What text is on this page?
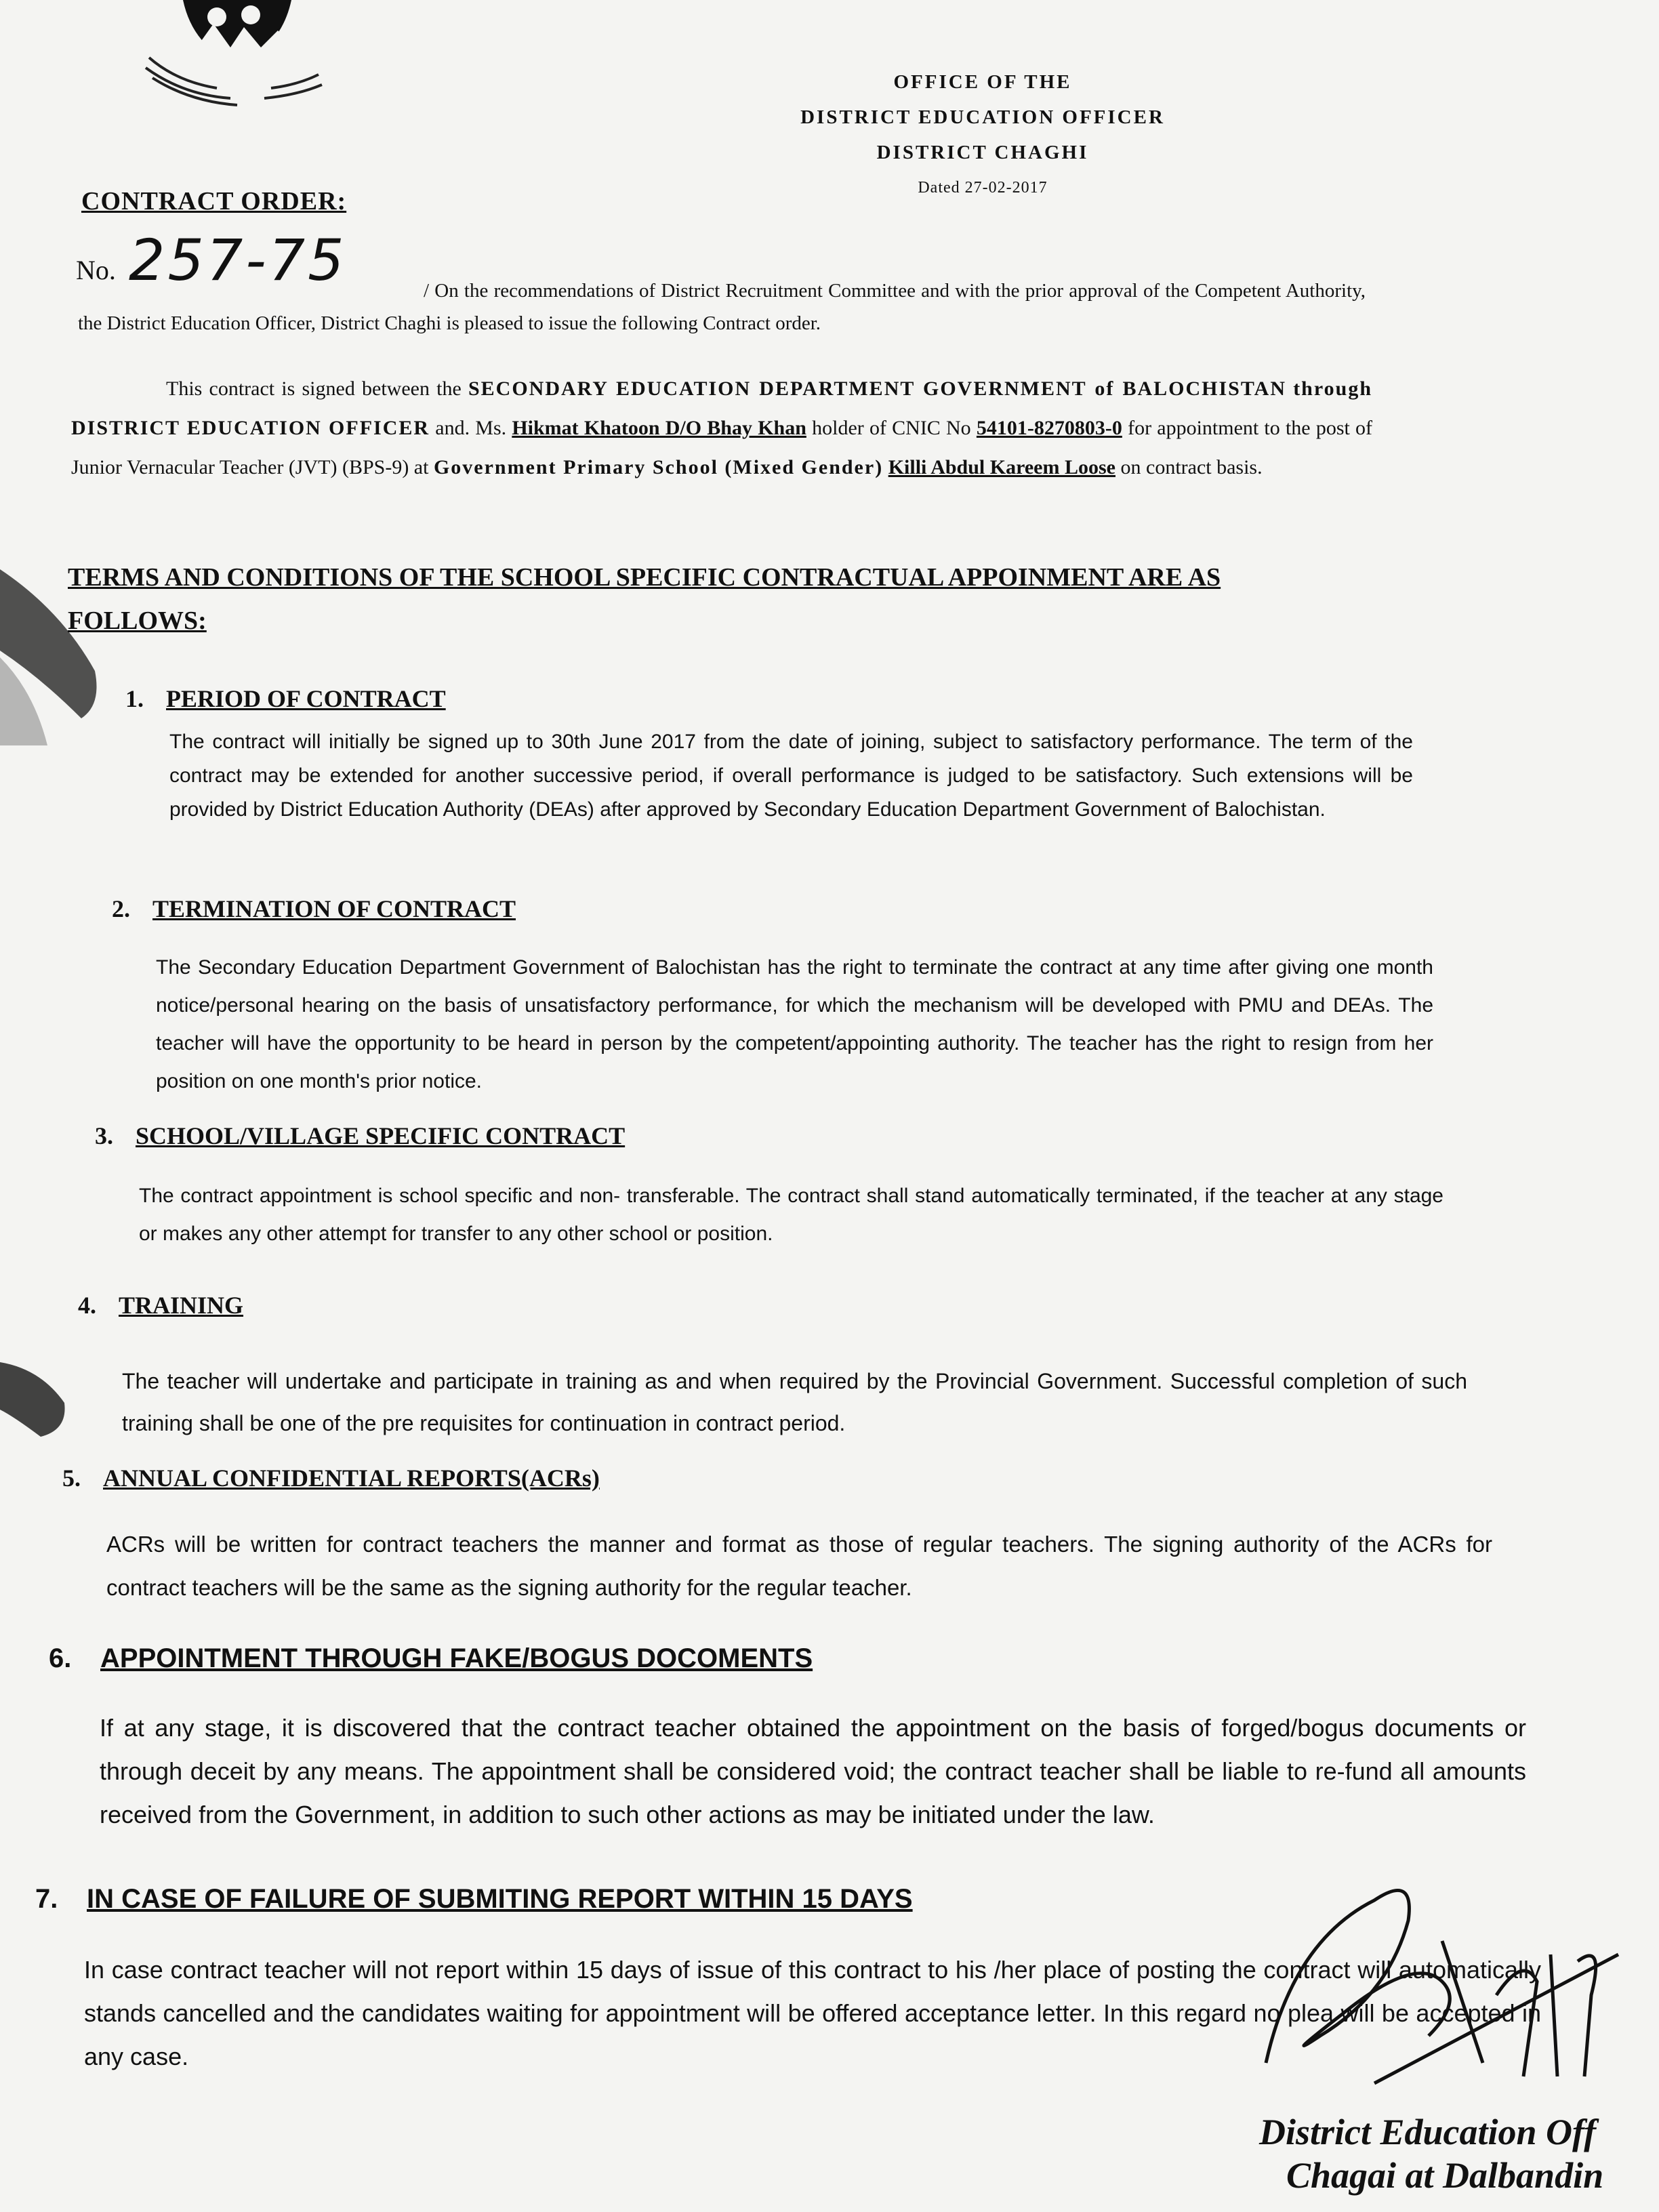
OFFICE OF THE
DISTRICT EDUCATION OFFICER
DISTRICT CHAGHI
Dated 27-02-2017
CONTRACT ORDER:
No. 257-75	/ On the recommendations of District Recruitment Committee and with the prior approval of the Competent Authority, the District Education Officer, District Chaghi is pleased to issue the following Contract order.
This contract is signed between the SECONDARY EDUCATION DEPARTMENT GOVERNMENT of BALOCHISTAN through DISTRICT EDUCATION OFFICER and. Ms. Hikmat Khatoon D/O Bhay Khan holder of CNIC No 54101-8270803-0 for appointment to the post of Junior Vernacular Teacher (JVT) (BPS-9) at Government Primary School (Mixed Gender) Killi Abdul Kareem Loose on contract basis.
TERMS AND CONDITIONS OF THE SCHOOL SPECIFIC CONTRACTUAL APPOINMENT ARE AS FOLLOWS:
1. PERIOD OF CONTRACT
The contract will initially be signed up to 30th June 2017 from the date of joining, subject to satisfactory performance. The term of the contract may be extended for another successive period, if overall performance is judged to be satisfactory. Such extensions will be provided by District Education Authority (DEAs) after approved by Secondary Education Department Government of Balochistan.
2. TERMINATION OF CONTRACT
The Secondary Education Department Government of Balochistan has the right to terminate the contract at any time after giving one month notice/personal hearing on the basis of unsatisfactory performance, for which the mechanism will be developed with PMU and DEAs. The teacher will have the opportunity to be heard in person by the competent/appointing authority. The teacher has the right to resign from her position on one month's prior notice.
3. SCHOOL/VILLAGE SPECIFIC CONTRACT
The contract appointment is school specific and non- transferable. The contract shall stand automatically terminated, if the teacher at any stage or makes any other attempt for transfer to any other school or position.
4. TRAINING
The teacher will undertake and participate in training as and when required by the Provincial Government. Successful completion of such training shall be one of the pre requisites for continuation in contract period.
5. ANNUAL CONFIDENTIAL REPORTS(ACRs)
ACRs will be written for contract teachers the manner and format as those of regular teachers. The signing authority of the ACRs for contract teachers will be the same as the signing authority for the regular teacher.
6. APPOINTMENT THROUGH FAKE/BOGUS DOCOMENTS
If at any stage, it is discovered that the contract teacher obtained the appointment on the basis of forged/bogus documents or through deceit by any means. The appointment shall be considered void; the contract teacher shall be liable to re-fund all amounts received from the Government, in addition to such other actions as may be initiated under the law.
7. IN CASE OF FAILURE OF SUBMITING REPORT WITHIN 15 DAYS
In case contract teacher will not report within 15 days of issue of this contract to his /her place of posting the contract will automatically stands cancelled and the candidates waiting for appointment will be offered acceptance letter. In this regard no plea will be accepted in any case.
District Education Off
Chagai at Dalbandin
